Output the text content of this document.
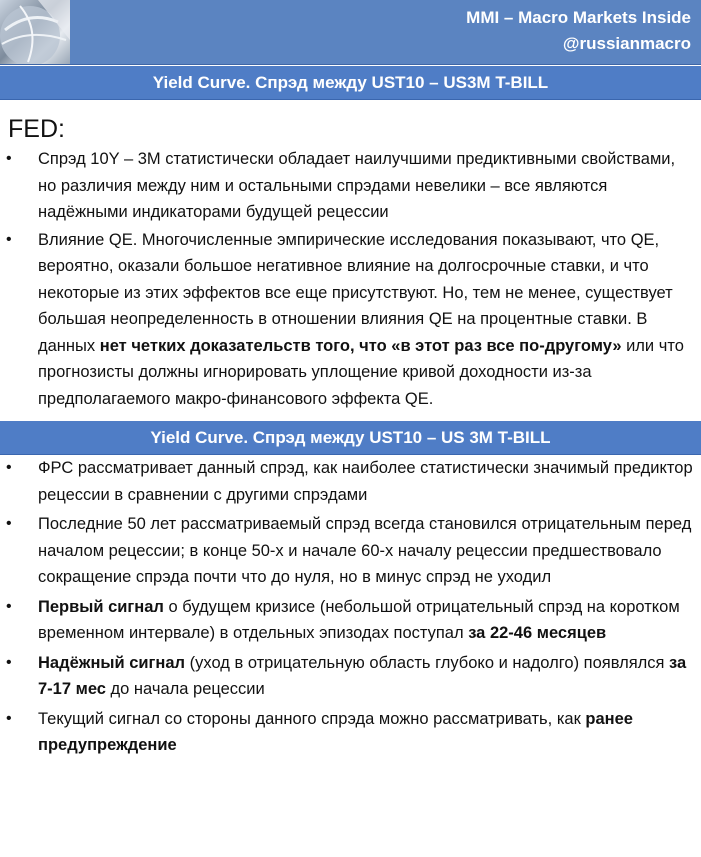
MMI – Macro Markets Inside
@russianmacro
Yield Curve. Спрэд между UST10 – US3M T-BILL
FED:
• Спрэд 10Y – 3M статистически обладает наилучшими предиктивными свойствами, но различия между ним и остальными спрэдами невелики – все являются надёжными индикаторами будущей рецессии
• Влияние QE. Многочисленные эмпирические исследования показывают, что QE, вероятно, оказали большое негативное влияние на долгосрочные ставки, и что некоторые из этих эффектов все еще присутствуют. Но, тем не менее, существует большая неопределенность в отношении влияния QE на процентные ставки. В данных нет четких доказательств того, что «в этот раз все по-другому» или что прогнозисты должны игнорировать уплощение кривой доходности из-за предполагаемого макро-финансового эффекта QE.
Yield Curve. Спрэд между UST10 – US 3M T-BILL
• ФРС рассматривает данный спрэд, как наиболее статистически значимый предиктор рецессии в сравнении с другими спрэдами
• Последние 50 лет рассматриваемый спрэд всегда становился отрицательным перед началом рецессии; в конце 50-х и начале 60-х началу рецессии предшествовало сокращение спрэда почти что до нуля, но в минус спрэд не уходил
• Первый сигнал о будущем кризисе (небольшой отрицательный спрэд на коротком временном интервале) в отдельных эпизодах поступал за 22-46 месяцев
• Надёжный сигнал (уход в отрицательную область глубоко и надолго) появлялся за 7-17 мес до начала рецессии
• Текущий сигнал со стороны данного спрэда можно рассматривать, как ранее предупреждение
